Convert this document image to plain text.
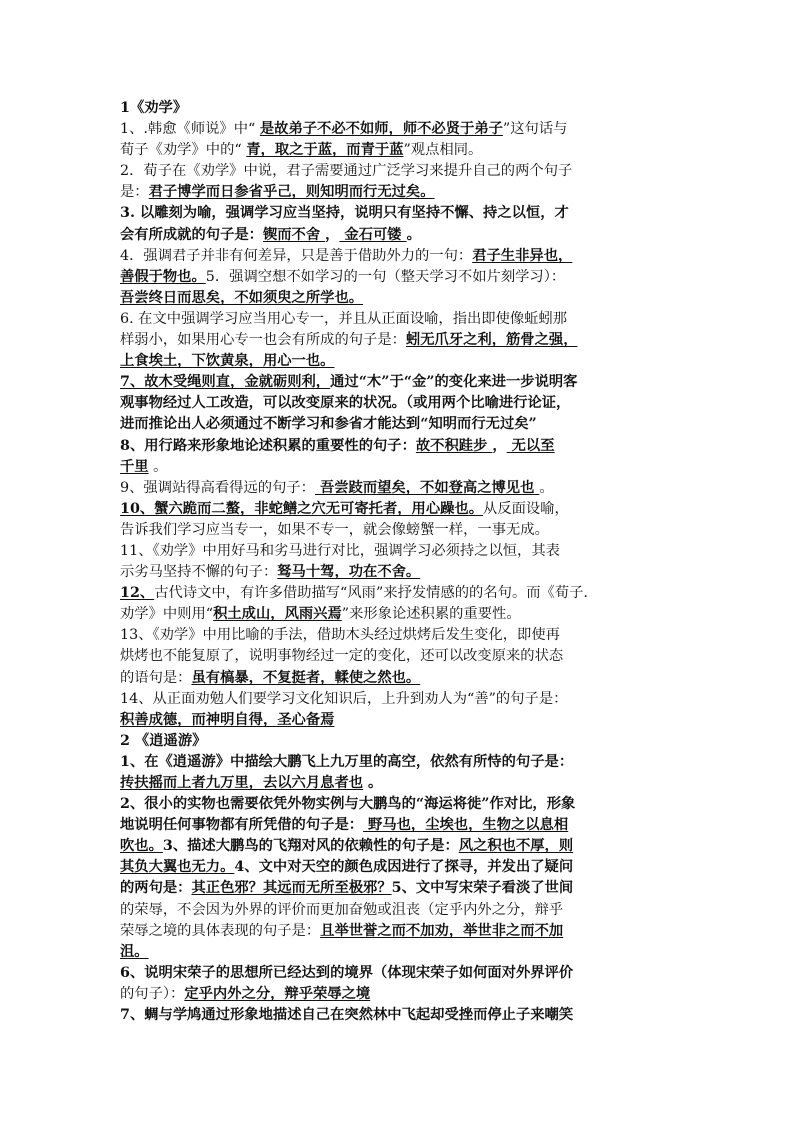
1《劝学》
1、.韩愈《师说》中“ 是故弟子不必不如师，师不必贤于弟子”这句话与
荀子《劝学》中的“ 青，取之于蓝，而青于蓝”观点相同。
2．荀子在《劝学》中说，君子需要通过广泛学习来提升自己的两个句子
是：君子博学而日参省乎己，则知明而行无过矣。
3. 以雕刻为喻，强调学习应当坚持，说明只有坚持不懈、持之以恒，才
会有所成就的句子是：锲而不舍 ， 金石可镂 。
4．强调君子并非有何差异，只是善于借助外力的一句：君子生非异也，
善假于物也。5．强调空想不如学习的一句（整天学习不如片刻学习）：
吾尝终日而思矣，不如须臾之所学也。
6. 在文中强调学习应当用心专一，并且从正面设喻，指出即使像蚯蚓那
样弱小，如果用心专一也会有所成的句子是：蚓无爪牙之利，筋骨之强，
上食埃土，下饮黄泉，用心一也。
7、故木受绳则直，金就砺则利，通过“木”于“金”的变化来进一步说明客
观事物经过人工改造，可以改变原来的状况。（或用两个比喻进行论证，
进而推论出人必须通过不断学习和参省才能达到“知明而行无过矣”
8、用行路来形象地论述积累的重要性的句子：故不积跬步 ， 无以至
千里 。
9、强调站得高看得远的句子： 吾尝跂而望矣，不如登高之博见也 。
10、蟹六跪而二螯，非蛇鳝之穴无可寄托者，用心躁也。从反面设喻，
告诉我们学习应当专一，如果不专一，就会像螃蟹一样，一事无成。
11、《劝学》中用好马和劣马进行对比，强调学习必须持之以恒，其表
示劣马坚持不懈的句子：驽马十驾，功在不舍。
12、古代诗文中，有许多借助描写“风雨”来抒发情感的的名句。而《荀子.
劝学》中则用“积土成山，风雨兴焉”来形象论述积累的重要性。
13、《劝学》中用比喻的手法，借助木头经过烘烤后发生变化，即使再
烘烤也不能复原了，说明事物经过一定的变化，还可以改变原来的状态
的语句是：虽有槁暴，不复挺者，輮使之然也。
14、从正面劝勉人们要学习文化知识后，上升到劝人为“善”的句子是：
积善成德，而神明自得，圣心备焉
2 《逍遥游》
1、在《逍遥游》中描绘大鹏飞上九万里的高空，依然有所恃的句子是：
抟扶摇而上者九万里，去以六月息者也 。
2、很小的实物也需要依凭外物实例与大鹏鸟的“海运将徙”作对比，形象
地说明任何事物都有所凭借的句子是： 野马也，尘埃也，生物之以息相
吹也。3、描述大鹏鸟的飞翔对风的依赖性的句子是：风之积也不厚，则
其负大翼也无力。4、文中对天空的颜色成因进行了探寻，并发出了疑问
的两句是：其正色邪？其远而无所至极邪？5、文中写宋荣子看淡了世间
的荣辱，不会因为外界的评价而更加奋勉或沮丧（定乎内外之分，辩乎
荣辱之境的具体表现的句子是：且举世誉之而不加劝，举世非之而不加
沮。
6、说明宋荣子的思想所已经达到的境界（体现宋荣子如何面对外界评价
的句子）：定乎内外之分，辩乎荣辱之境
7、蜩与学鸠通过形象地描述自己在突然林中飞起却受挫而停止子来嘲笑
